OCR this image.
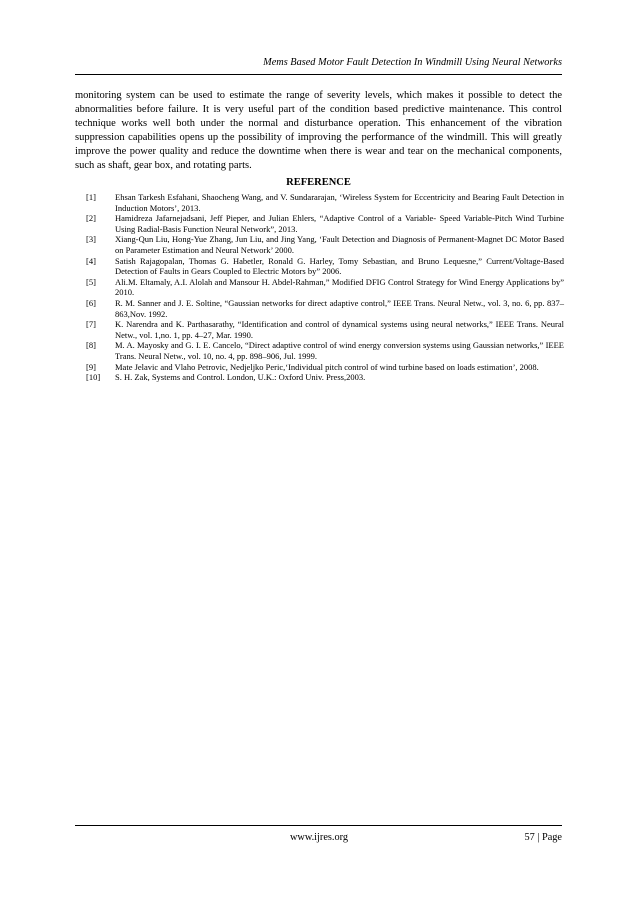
Mems Based Motor Fault Detection In Windmill Using Neural Networks

monitoring system can be used to estimate the range of severity levels, which makes it possible to detect the abnormalities before failure. It is very useful part of the condition based predictive maintenance. This control technique works well both under the normal and disturbance operation. This enhancement of the vibration suppression capabilities opens up the possibility of improving the performance of the windmill. This will greatly improve the power quality and reduce the downtime when there is wear and tear on the mechanical components, such as shaft, gear box, and rotating parts.

REFERENCE
[1]	Ehsan Tarkesh Esfahani, Shaocheng Wang, and V. Sundararajan, ‘Wireless System for Eccentricity and Bearing Fault Detection in Induction Motors’, 2013.
[2]	Hamidreza Jafarnejadsani, Jeff Pieper, and Julian Ehlers, “Adaptive Control of a Variable- Speed Variable-Pitch Wind Turbine Using Radial-Basis Function Neural Network”, 2013.
[3]	Xiang-Qun Liu, Hong-Yue Zhang, Jun Liu, and Jing Yang, ‘Fault Detection and Diagnosis of Permanent-Magnet DC Motor Based on Parameter Estimation and Neural Network’ 2000.
[4]	Satish Rajagopalan, Thomas G. Habetler, Ronald G. Harley, Tomy Sebastian, and Bruno Lequesne,” Current/Voltage-Based Detection of Faults in Gears Coupled to Electric Motors by” 2006.
[5]	Ali.M. Eltamaly, A.I. Alolah and Mansour H. Abdel-Rahman,” Modified DFIG Control Strategy for Wind Energy Applications by” 2010.
[6]	R. M. Sanner and J. E. Soltine, “Gaussian networks for direct adaptive control,” IEEE Trans. Neural Netw., vol. 3, no. 6, pp. 837–863,Nov. 1992.
[7]	K. Narendra and K. Parthasarathy, “Identification and control of dynamical systems using neural networks,” IEEE Trans. Neural Netw., vol. 1,no. 1, pp. 4–27, Mar. 1990.
[8]	M. A. Mayosky and G. I. E. Cancelo, “Direct adaptive control of wind energy conversion systems using Gaussian networks,” IEEE Trans. Neural Netw., vol. 10, no. 4, pp. 898–906, Jul. 1999.
[9]	Mate Jelavic and Vlaho Petrovic, Nedjeljko Peric,‘Individual pitch control of wind turbine based on loads estimation’, 2008.
[10]	S. H. Zak, Systems and Control. London, U.K.: Oxford Univ. Press,2003.
www.ijres.org	57 | Page
